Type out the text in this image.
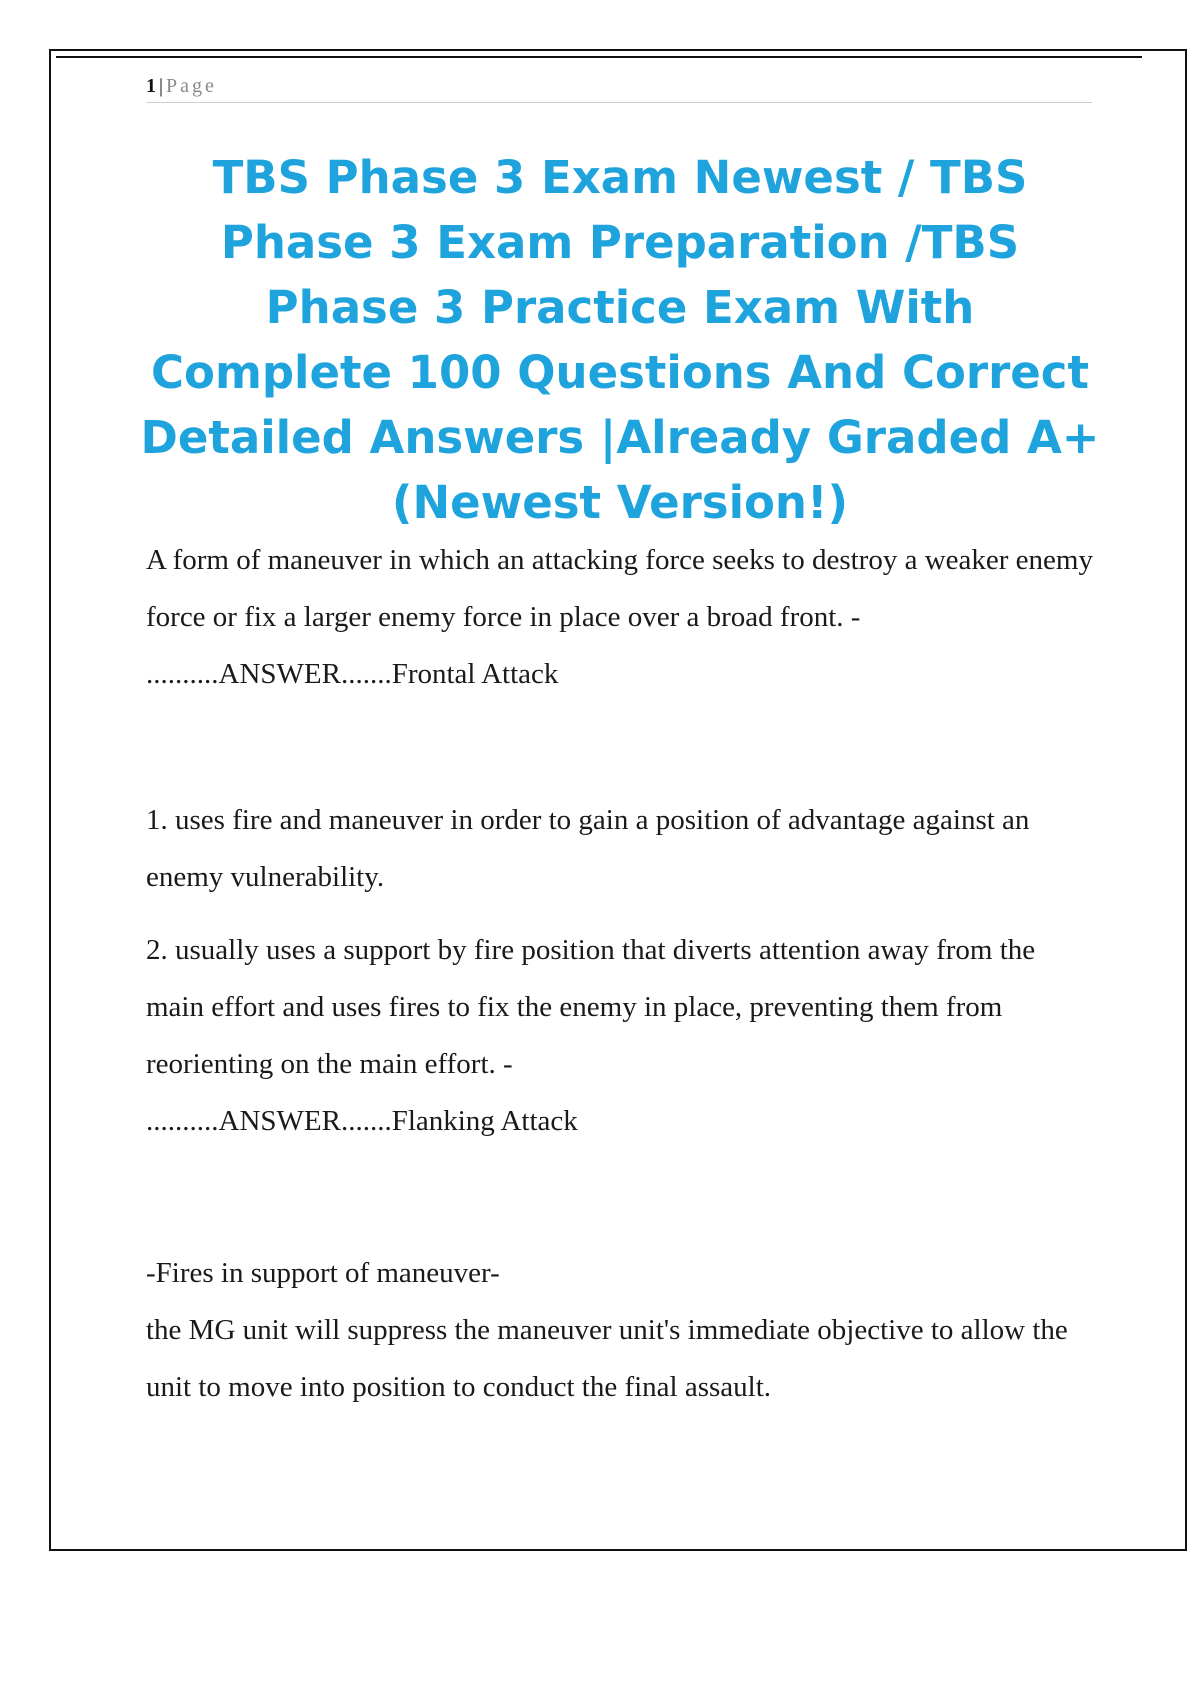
1 | Page
TBS Phase 3 Exam Newest / TBS Phase 3 Exam Preparation /TBS Phase 3 Practice Exam With Complete 100 Questions And Correct Detailed Answers |Already Graded A+(Newest Version!)

A form of maneuver in which an attacking force seeks to destroy a weaker enemy force or fix a larger enemy force in place over a broad front. - ..........ANSWER.......Frontal Attack

1. uses fire and maneuver in order to gain a position of advantage against an enemy vulnerability.

2. usually uses a support by fire position that diverts attention away from the main effort and uses fires to fix the enemy in place, preventing them from reorienting on the main effort. -
..........ANSWER.......Flanking Attack

-Fires in support of maneuver-

the MG unit will suppress the maneuver unit's immediate objective to allow the unit to move into position to conduct the final assault.
